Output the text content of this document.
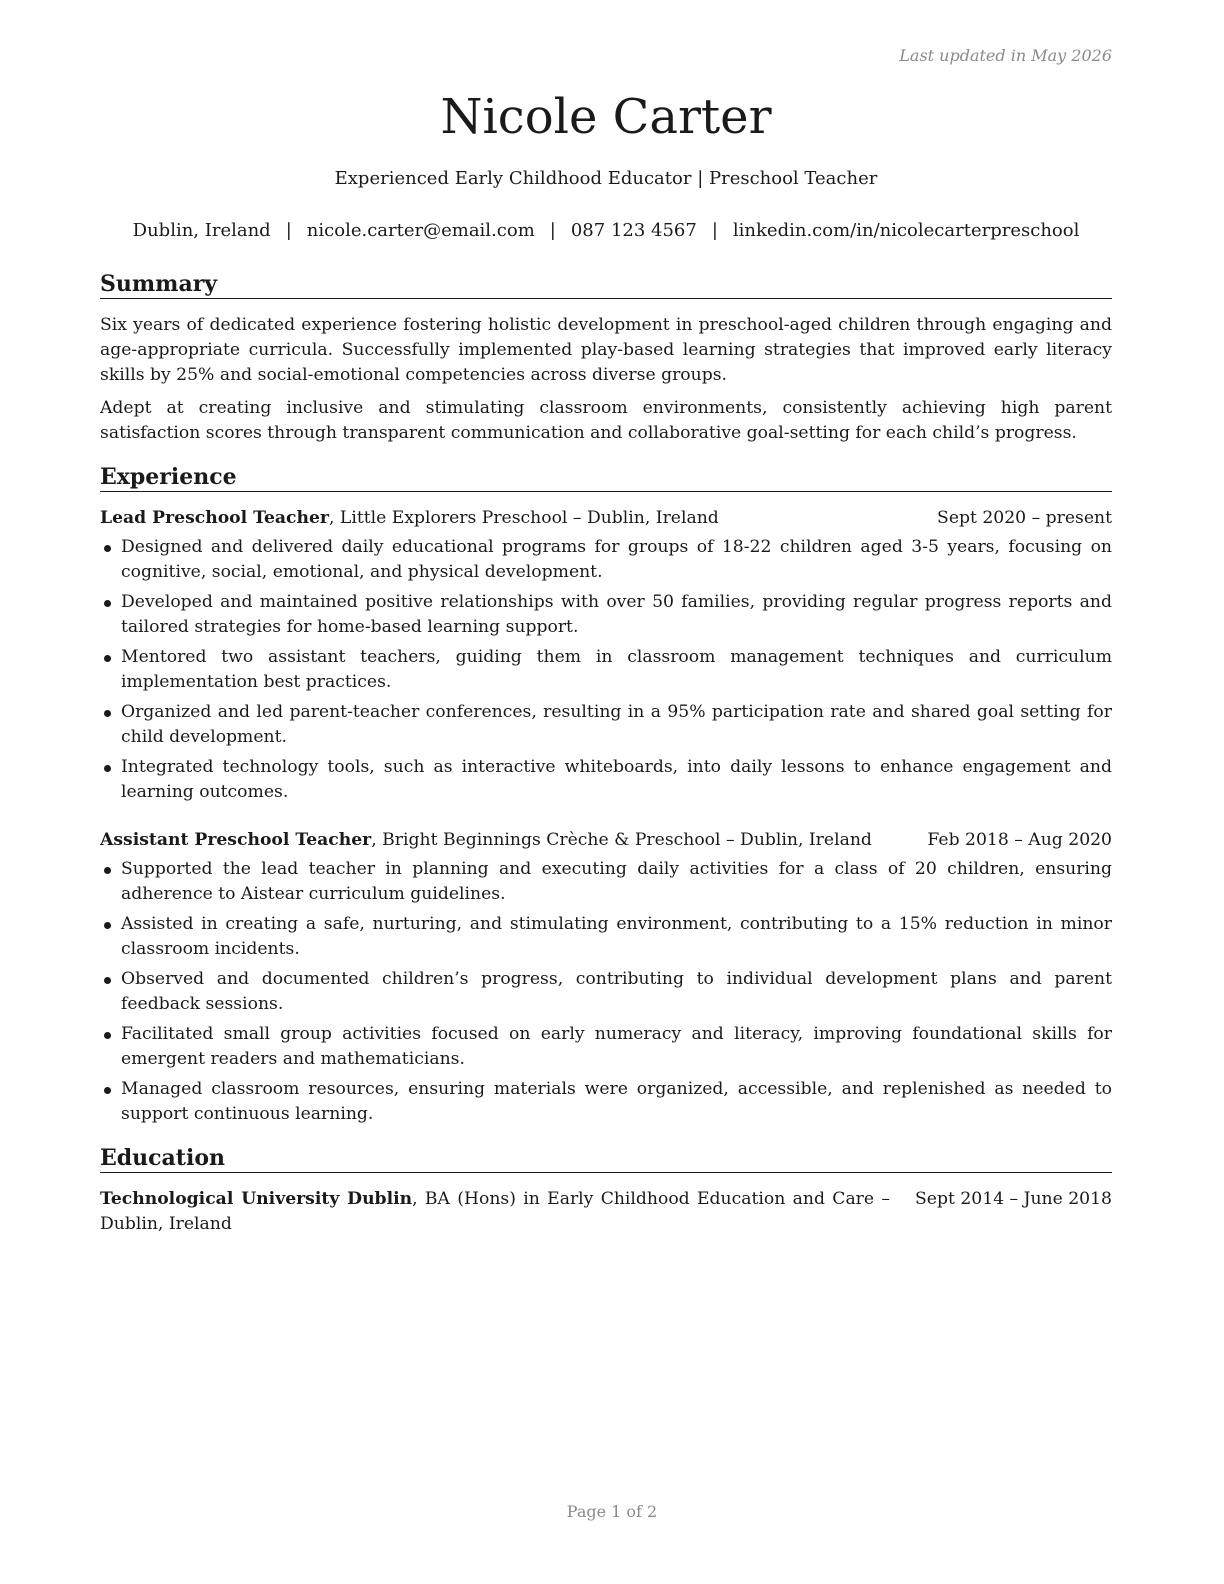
Last updated in May 2026
Nicole Carter
Experienced Early Childhood Educator | Preschool Teacher
Dublin, Ireland | nicole.carter@email.com | 087 123 4567 | linkedin.com/in/nicolecarterpreschool
Summary

Six years of dedicated experience fostering holistic development in preschool-aged children through engaging and age-appropriate curricula. Successfully implemented play-based learning strategies that improved early literacy skills by 25% and social-emotional competencies across diverse groups.

Adept at creating inclusive and stimulating classroom environments, consistently achieving high parent satisfaction scores through transparent communication and collaborative goal-setting for each child’s progress.

Experience
Lead Preschool Teacher, Little Explorers Preschool – Dublin, Ireland	Sept 2020 – present
Designed and delivered daily educational programs for groups of 18-22 children aged 3-5 years, focusing on cognitive, social, emotional, and physical development.
Developed and maintained positive relationships with over 50 families, providing regular progress reports and tailored strategies for home-based learning support.
Mentored two assistant teachers, guiding them in classroom management techniques and curriculum implementation best practices.
Organized and led parent-teacher conferences, resulting in a 95% participation rate and shared goal setting for child development.
Integrated technology tools, such as interactive whiteboards, into daily lessons to enhance engagement and learning outcomes.
Assistant Preschool Teacher, Bright Beginnings Crèche & Preschool – Dublin, Ireland	Feb 2018 – Aug 2020
Supported the lead teacher in planning and executing daily activities for a class of 20 children, ensuring adherence to Aistear curriculum guidelines.
Assisted in creating a safe, nurturing, and stimulating environment, contributing to a 15% reduction in minor classroom incidents.
Observed and documented children’s progress, contributing to individual development plans and parent feedback sessions.
Facilitated small group activities focused on early numeracy and literacy, improving foundational skills for emergent readers and mathematicians.
Managed classroom resources, ensuring materials were organized, accessible, and replenished as needed to support continuous learning.
Education
Technological University Dublin, BA (Hons) in Early Childhood Education and Care – Dublin, Ireland
Sept 2014 – June 2018
Page 1 of 2
